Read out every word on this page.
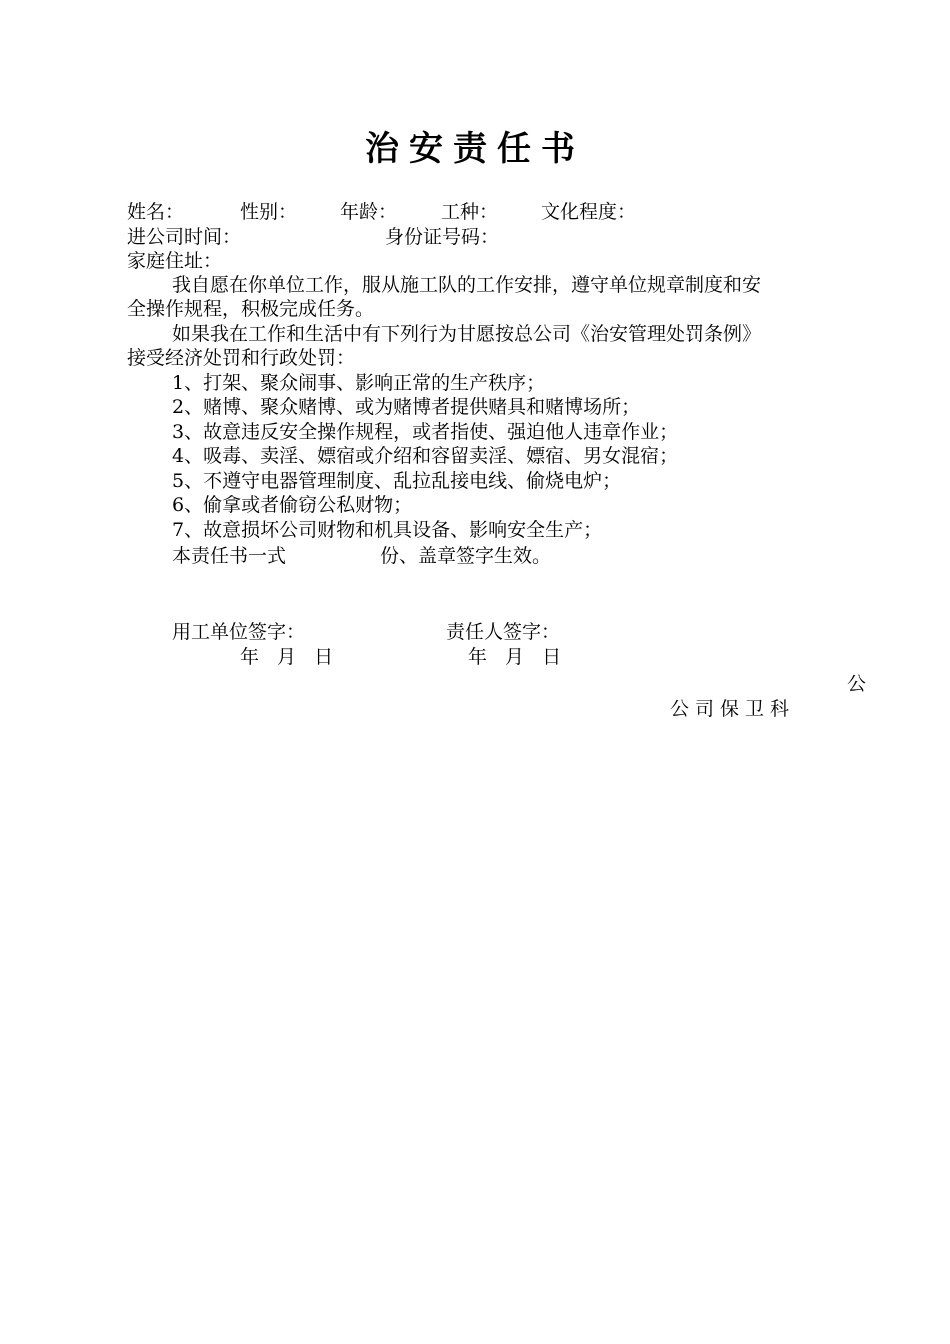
治安责任书
姓名：	性别： 年龄： 工种： 文化程度：
进公司时间：	身份证号码：
家庭住址：
我自愿在你单位工作，服从施工队的工作安排，遵守单位规章制度和安
全操作规程，积极完成任务。
如果我在工作和生活中有下列行为甘愿按总公司《治安管理处罚条例》
接受经济处罚和行政处罚：
1、打架、聚众闹事、影响正常的生产秩序；
2、赌博、聚众赌博、或为赌博者提供赌具和赌博场所；
3、故意违反安全操作规程，或者指使、强迫他人违章作业；
4、吸毒、卖淫、嫖宿或介绍和容留卖淫、嫖宿、男女混宿；
5、不遵守电器管理制度、乱拉乱接电线、偷烧电炉；
6、偷拿或者偷窃公私财物；
7、故意损坏公司财物和机具设备、影响安全生产；
本责任书一式	份、盖章签字生效。
用工单位签字：	责任人签字：
年 月 日	年 月 日
公
公司保卫科
